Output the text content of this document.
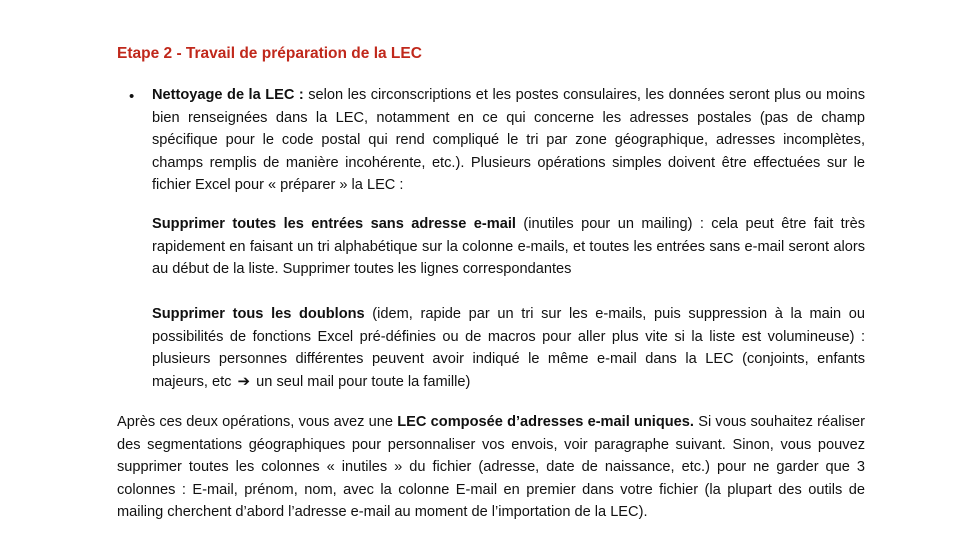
Etape 2 - Travail de préparation de la LEC
• Nettoyage de la LEC : selon les circonscriptions et les postes consulaires, les données seront plus ou moins bien renseignées dans la LEC, notamment en ce qui concerne les adresses postales (pas de champ spécifique pour le code postal qui rend compliqué le tri par zone géographique, adresses incomplètes, champs remplis de manière incohérente, etc.). Plusieurs opérations simples doivent être effectuées sur le fichier Excel pour « préparer » la LEC :

Supprimer toutes les entrées sans adresse e-mail (inutiles pour un mailing) : cela peut être fait très rapidement en faisant un tri alphabétique sur la colonne e-mails, et toutes les entrées sans e-mail seront alors au début de la liste. Supprimer toutes les lignes correspondantes

Supprimer tous les doublons (idem, rapide par un tri sur les e-mails, puis suppression à la main ou possibilités de fonctions Excel pré-définies ou de macros pour aller plus vite si la liste est volumineuse) : plusieurs personnes différentes peuvent avoir indiqué le même e-mail dans la LEC (conjoints, enfants majeurs, etc ➔ un seul mail pour toute la famille)

Après ces deux opérations, vous avez une LEC composée d’adresses e-mail uniques. Si vous souhaitez réaliser des segmentations géographiques pour personnaliser vos envois, voir paragraphe suivant. Sinon, vous pouvez supprimer toutes les colonnes « inutiles » du fichier (adresse, date de naissance, etc.) pour ne garder que 3 colonnes : E-mail, prénom, nom, avec la colonne E-mail en premier dans votre fichier (la plupart des outils de mailing cherchent d’abord l’adresse e-mail au moment de l’importation de la LEC).
